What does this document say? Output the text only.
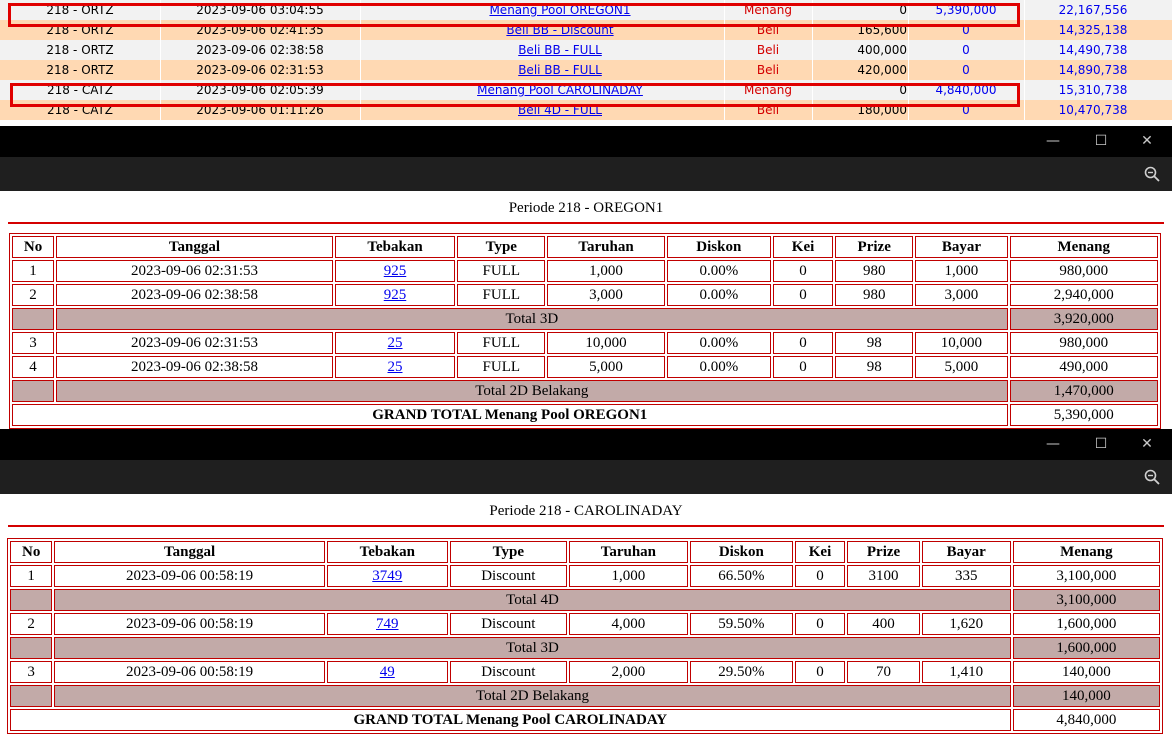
218 - ORTZ	2023-09-06 03:04:55	Menang Pool OREGON1	Menang	0	5,390,000	22,167,556
218 - ORTZ	2023-09-06 02:41:35	Beli BB - Discount	Beli	165,600	0	14,325,138
218 - ORTZ	2023-09-06 02:38:58	Beli BB - FULL	Beli	400,000	0	14,490,738
218 - ORTZ	2023-09-06 02:31:53	Beli BB - FULL	Beli	420,000	0	14,890,738
218 - CATZ	2023-09-06 02:05:39	Menang Pool CAROLINADAY	Menang	0	4,840,000	15,310,738
218 - CATZ	2023-09-06 01:11:26	Beli 4D - FULL	Beli	180,000	0	10,470,738
—	☐	✕
Periode 218 - OREGON1
No	Tanggal	Tebakan	Type	Taruhan	Diskon	Kei	Prize	Bayar	Menang
1	2023-09-06 02:31:53	925	FULL	1,000	0.00%	0	980	1,000	980,000
2	2023-09-06 02:38:58	925	FULL	3,000	0.00%	0	980	3,000	2,940,000
	Total 3D								3,920,000
3	2023-09-06 02:31:53	25	FULL	10,000	0.00%	0	98	10,000	980,000
4	2023-09-06 02:38:58	25	FULL	5,000	0.00%	0	98	5,000	490,000
	Total 2D Belakang								1,470,000
GRAND TOTAL Menang Pool OREGON1									5,390,000
—	☐	✕
Periode 218 - CAROLINADAY
No	Tanggal	Tebakan	Type	Taruhan	Diskon	Kei	Prize	Bayar	Menang
1	2023-09-06 00:58:19	3749	Discount	1,000	66.50%	0	3100	335	3,100,000
	Total 4D								3,100,000
2	2023-09-06 00:58:19	749	Discount	4,000	59.50%	0	400	1,620	1,600,000
	Total 3D								1,600,000
3	2023-09-06 00:58:19	49	Discount	2,000	29.50%	0	70	1,410	140,000
	Total 2D Belakang								140,000
GRAND TOTAL Menang Pool CAROLINADAY									4,840,000
